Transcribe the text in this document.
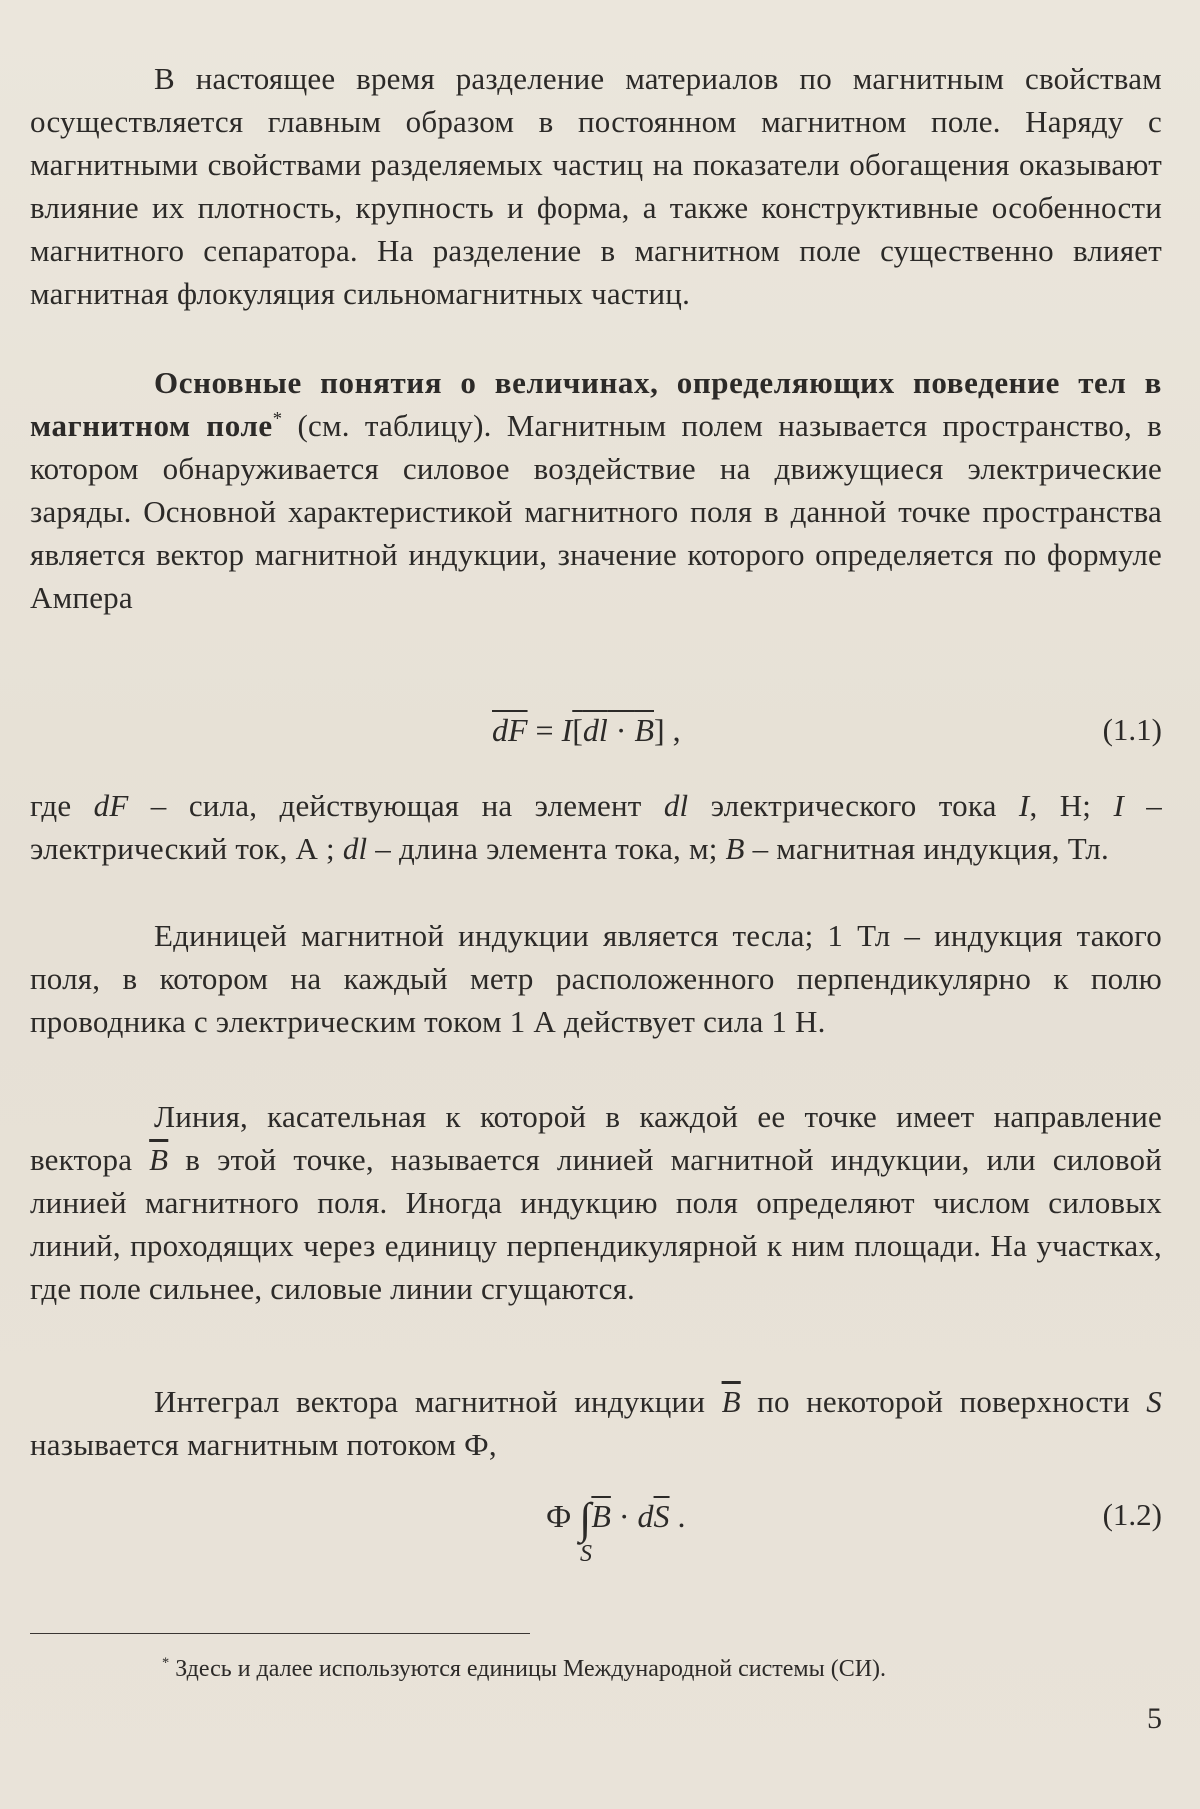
В настоящее время разделение материалов по магнитным свойствам осуществляется главным образом в постоянном магнитном поле. Наряду с магнитными свойствами разделяемых частиц на показатели обогащения оказывают влияние их плотность, крупность и форма, а также конструктивные особенности магнитного сепаратора. На разделение в магнитном поле существенно влияет магнитная флокуляция сильномагнитных частиц.

Основные понятия о величинах, определяющих поведение тел в магнитном поле* (см. таблицу). Магнитным полем называется пространство, в котором обнаруживается силовое воздействие на движущиеся электрические заряды. Основной характеристикой магнитного поля в данной точке пространства является вектор магнитной индукции, значение которого определяется по формуле Ампера

$\overline{dF} = I[dl \cdot B]$ ,	(1.1)

где dF – сила, действующая на элемент dl электрического тока I, Н; I – электрический ток, А ; dl – длина элемента тока, м; B – магнитная индукция, Тл.

Единицей магнитной индукции является тесла; 1 Тл – индукция такого поля, в котором на каждый метр расположенного перпендикулярно к полю проводника с электрическим током 1 А действует сила 1 Н.

Линия, касательная к которой в каждой ее точке имеет направление вектора $\overline{B}$ в этой точке, называется линией магнитной индукции, или силовой линией магнитного поля. Иногда индукцию поля определяют числом силовых линий, проходящих через единицу перпендикулярной к ним площади. На участках, где поле сильнее, силовые линии сгущаются.

Интеграл вектора магнитной индукции $\overline{B}$ по некоторой поверхности S называется магнитным потоком Ф,

Ф $\int\overline{B} \cdot d\overline{S}$ .
S
(1.2)
* Здесь и далее используются единицы Международной системы (СИ).
5
